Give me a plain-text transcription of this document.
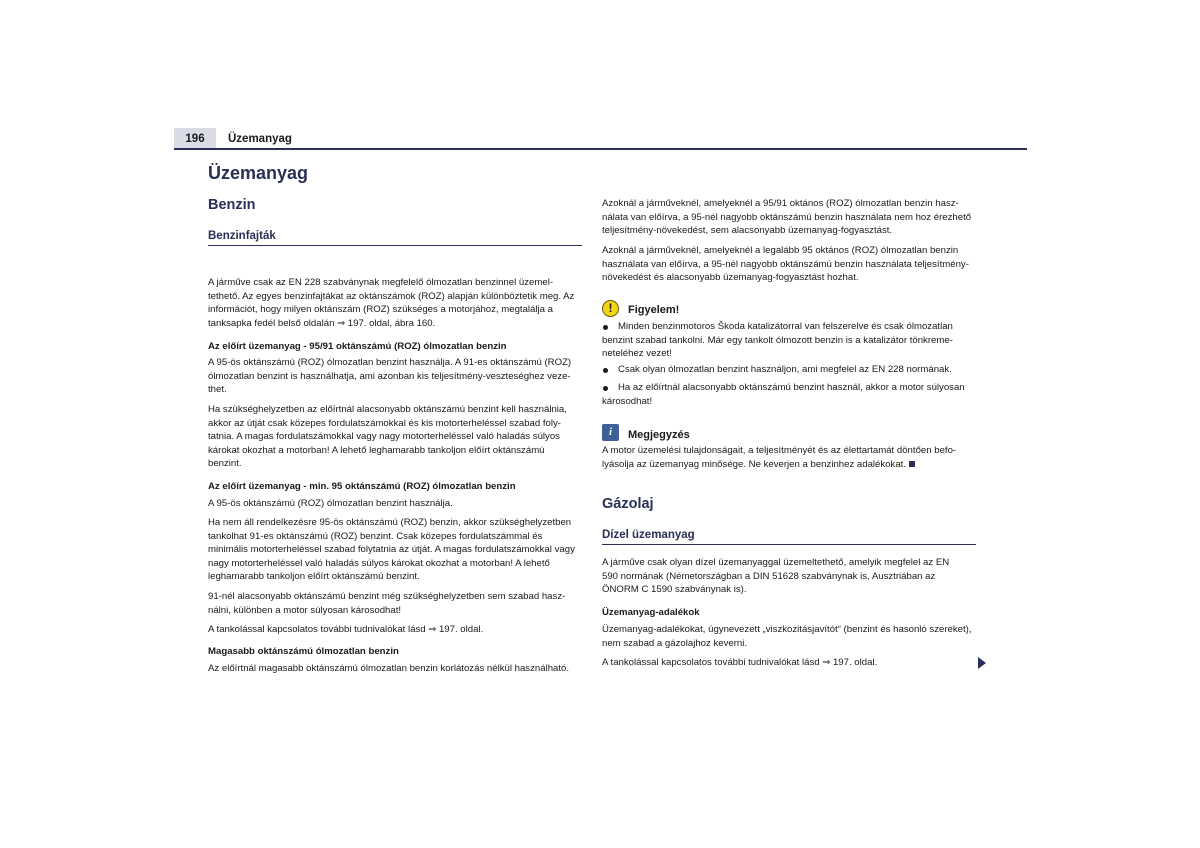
196	Üzemanyag
Üzemanyag
Benzin
Benzinfajták

A járműve csak az EN 228 szabványnak megfelelő ólmozatlan benzinnel üzemel-
tethető. Az egyes benzinfajtákat az oktánszámok (ROZ) alapján különböztetik meg. Az
információt, hogy milyen oktánszám (ROZ) szükséges a motorjához, megtalálja a
tanksapka fedél belső oldalán ⇒ 197. oldal, ábra 160.

Az előírt üzemanyag - 95/91 oktánszámú (ROZ) ólmozatlan benzin

A 95-ös oktánszámú (ROZ) ólmozatlan benzint használja. A 91-es oktánszámú (ROZ)
ólmozatlan benzint is használhatja, ami azonban kis teljesítmény-veszteséghez veze-
thet.

Ha szükséghelyzetben az előírtnál alacsonyabb oktánszámú benzint kell használnia,
akkor az útját csak közepes fordulatszámokkal és kis motorterheléssel szabad foly-
tatnia. A magas fordulatszámokkal vagy nagy motorterheléssel való haladás súlyos
károkat okozhat a motorban! A lehető leghamarabb tankoljon előírt oktánszámú
benzint.

Az előírt üzemanyag - min. 95 oktánszámú (ROZ) ólmozatlan benzin

A 95-ös oktánszámú (ROZ) ólmozatlan benzint használja.

Ha nem áll rendelkezésre 95-ös oktánszámú (ROZ) benzin, akkor szükséghelyzetben
tankolhat 91-es oktánszámú (ROZ) benzint. Csak közepes fordulatszámmal és
minimális motorterheléssel szabad folytatnia az útját. A magas fordulatszámokkal vagy
nagy motorterheléssel való haladás súlyos károkat okozhat a motorban! A lehető
leghamarabb tankoljon előírt oktánszámú benzint.

91-nél alacsonyabb oktánszámú benzint még szükséghelyzetben sem szabad hasz-
nálni, különben a motor súlyosan károsodhat!

A tankolással kapcsolatos további tudnivalókat lásd ⇒ 197. oldal.

Magasabb oktánszámú ólmozatlan benzin

Az előírtnál magasabb oktánszámú ólmozatlan benzin korlátozás nélkül használható.

Azoknál a járműveknél, amelyeknél a 95/91 oktános (ROZ) ólmozatlan benzin hasz-
nálata van előírva, a 95-nél nagyobb oktánszámú benzin használata nem hoz érezhető
teljesítmény-növekedést, sem alacsonyabb üzemanyag-fogyasztást.

Azoknál a járműveknél, amelyeknél a legalább 95 oktános (ROZ) ólmozatlan benzin
használata van előírva, a 95-nél nagyobb oktánszámú benzin használata teljesítmény-
növekedést és alacsonyabb üzemanyag-fogyasztást hozhat.

!	Figyelem!

Minden benzinmotoros Škoda katalizátorral van felszerelve és csak ólmozatlan
benzint szabad tankolni. Már egy tankolt ólmozott benzin is a katalizátor tönkreme-
neteléhez vezet!

Csak olyan ólmozatlan benzint használjon, ami megfelel az EN 228 normának.

Ha az előírtnál alacsonyabb oktánszámú benzint használ, akkor a motor súlyosan
károsodhat!

i	Megjegyzés

A motor üzemelési tulajdonságait, a teljesítményét és az élettartamát döntően befo-
lyásolja az üzemanyag minősége. Ne keverjen a benzinhez adalékokat.

Gázolaj
Dízel üzemanyag

A járműve csak olyan dízel üzemanyaggal üzemeltethető, amelyik megfelel az EN
590 normának (Németországban a DIN 51628 szabványnak is, Ausztriában az
ÖNORM C 1590 szabványnak is).

Üzemanyag-adalékok

Üzemanyag-adalékokat, úgynevezett „viszkozitásjavítót“ (benzint és hasonló szereket),
nem szabad a gázolajhoz keverni.

A tankolással kapcsolatos további tudnivalókat lásd ⇒ 197. oldal.
